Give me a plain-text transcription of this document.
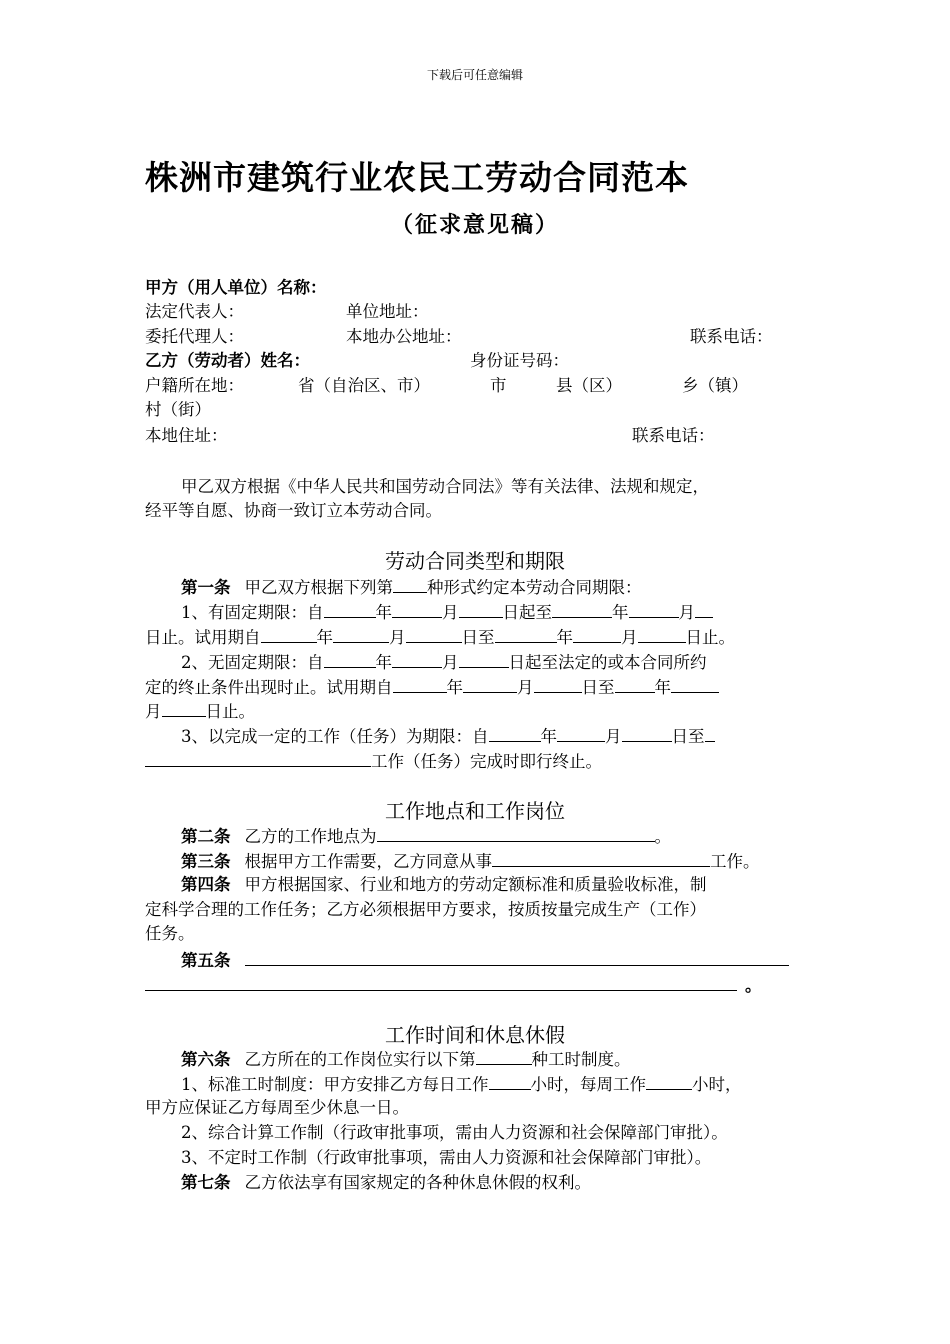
下载后可任意编辑
株洲市建筑行业农民工劳动合同范本
（征求意见稿）
甲方（用人单位）名称：
法定代表人：	单位地址：
委托代理人：	本地办公地址：	联系电话：
乙方（劳动者）姓名：	身份证号码：
户籍所在地：	省（自治区、市）	市	县（区）	乡（镇）
村（街）
本地住址：	联系电话：
甲乙双方根据《中华人民共和国劳动合同法》等有关法律、法规和规定，
经平等自愿、协商一致订立本劳动合同。
劳动合同类型和期限
第一条 甲乙双方根据下列第 种形式约定本劳动合同期限：
1、有固定期限：自	年	月	日起至	年	月
日止。试用期自	年	月	日至	年	月	日止。
2、无固定期限：自	年	月	日起至法定的或本合同所约
定的终止条件出现时止。试用期自	年	月	日至 年
月	日止。
3、以完成一定的工作（任务）为期限：自	年	月	日至
工作（任务）完成时即行终止。
工作地点和工作岗位
第二条 乙方的工作地点为	。
第三条 根据甲方工作需要，乙方同意从事	工作。
第四条 甲方根据国家、行业和地方的劳动定额标准和质量验收标准，制
定科学合理的工作任务；乙方必须根据甲方要求，按质按量完成生产（工作）
任务。
第五条
。
工作时间和休息休假
第六条 乙方所在的工作岗位实行以下第	种工时制度。
1、标准工时制度：甲方安排乙方每日工作	小时，每周工作	小时，
甲方应保证乙方每周至少休息一日。
2、综合计算工作制（行政审批事项，需由人力资源和社会保障部门审批）。
3、不定时工作制（行政审批事项，需由人力资源和社会保障部门审批）。
第七条 乙方依法享有国家规定的各种休息休假的权利。
